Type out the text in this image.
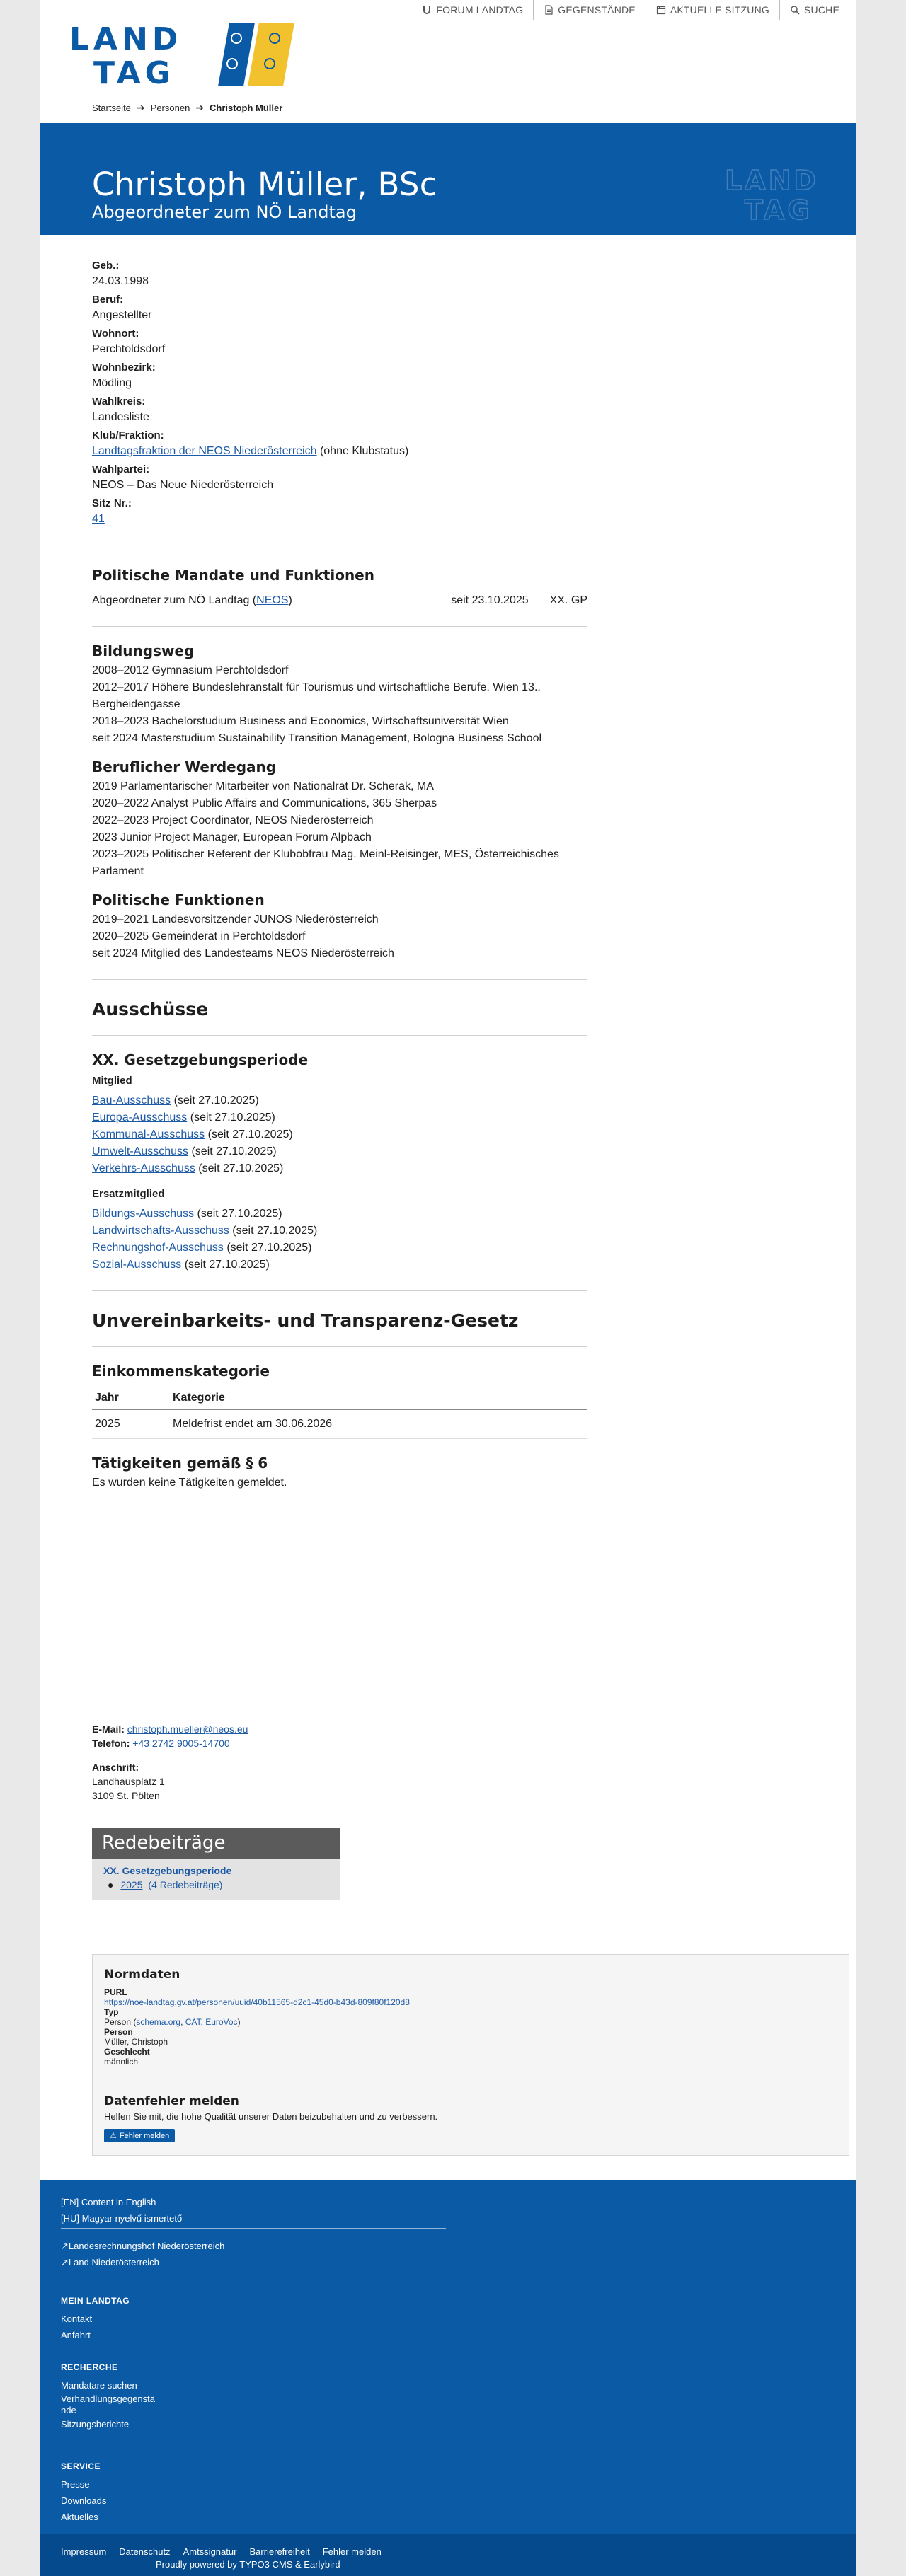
FORUM LANDTAG	GEGENSTÄNDE	AKTUELLE SITZUNG	SUCHE
LAND
TAG
Startseite ➔ Personen ➔ Christoph Müller
Christoph Müller, BSc
Abgeordneter zum NÖ Landtag
LAND
TAG
Geb.:
24.03.1998
Beruf:
Angestellter
Wohnort:
Perchtoldsdorf
Wohnbezirk:
Mödling
Wahlkreis:
Landesliste
Klub/Fraktion:
Landtagsfraktion der NEOS Niederösterreich (ohne Klubstatus)
Wahlpartei:
NEOS – Das Neue Niederösterreich
Sitz Nr.:
41
Politische Mandate und Funktionen
Abgeordneter zum NÖ Landtag (NEOS)	seit 23.10.2025 XX. GP
Bildungsweg
2008–2012 Gymnasium Perchtoldsdorf
2012–2017 Höhere Bundeslehranstalt für Tourismus und wirtschaftliche Berufe, Wien 13., Bergheidengasse
2018–2023 Bachelorstudium Business and Economics, Wirtschaftsuniversität Wien
seit 2024 Masterstudium Sustainability Transition Management, Bologna Business School
Beruflicher Werdegang
2019 Parlamentarischer Mitarbeiter von Nationalrat Dr. Scherak, MA
2020–2022 Analyst Public Affairs and Communications, 365 Sherpas
2022–2023 Project Coordinator, NEOS Niederösterreich
2023 Junior Project Manager, European Forum Alpbach
2023–2025 Politischer Referent der Klubobfrau Mag. Meinl-Reisinger, MES, Österreichisches Parlament
Politische Funktionen
2019–2021 Landesvorsitzender JUNOS Niederösterreich
2020–2025 Gemeinderat in Perchtoldsdorf
seit 2024 Mitglied des Landesteams NEOS Niederösterreich
Ausschüsse
XX. Gesetzgebungsperiode
Mitglied
Bau-Ausschuss (seit 27.10.2025)
Europa-Ausschuss (seit 27.10.2025)
Kommunal-Ausschuss (seit 27.10.2025)
Umwelt-Ausschuss (seit 27.10.2025)
Verkehrs-Ausschuss (seit 27.10.2025)
Ersatzmitglied
Bildungs-Ausschuss (seit 27.10.2025)
Landwirtschafts-Ausschuss (seit 27.10.2025)
Rechnungshof-Ausschuss (seit 27.10.2025)
Sozial-Ausschuss (seit 27.10.2025)
Unvereinbarkeits- und Transparenz-Gesetz
Einkommenskategorie
Jahr	Kategorie
2025	Meldefrist endet am 30.06.2026
Tätigkeiten gemäß § 6
Es wurden keine Tätigkeiten gemeldet.
E-Mail: christoph.mueller@neos.eu
Telefon: +43 2742 9005-14700
Anschrift:
Landhausplatz 1
3109 St. Pölten
Redebeiträge
XX. Gesetzgebungsperiode
● 2025 (4 Redebeiträge)
Normdaten
PURL
https://noe-landtag.gv.at/personen/uuid/40b11565-d2c1-45d0-b43d-809f80f120d8
Typ
Person (schema.org, CAT, EuroVoc)
Person
Müller, Christoph
Geschlecht
männlich
Datenfehler melden
Helfen Sie mit, die hohe Qualität unserer Daten beizubehalten und zu verbessern.
⚠ Fehler melden
[EN] Content in English
[HU] Magyar nyelvű ismertető
↗Landesrechnungshof Niederösterreich
↗Land Niederösterreich
MEIN LANDTAG
Kontakt
Anfahrt
RECHERCHE
Mandatare suchen
Verhandlungsgegenstä
nde
Sitzungsberichte
SERVICE
Presse
Downloads
Aktuelles
Impressum Datenschutz Amtssignatur Barrierefreiheit Fehler melden
Proudly powered by TYPO3 CMS & Earlybird
